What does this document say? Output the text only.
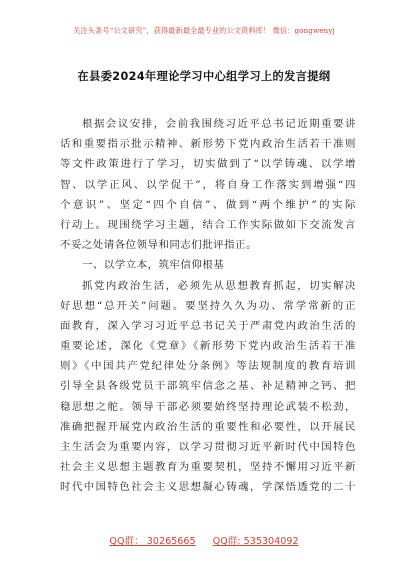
关注头条号“公文研究”，获得最新最全最专业的公文资料库！ 微信：gongwenyj
在县委2024年理论学习中心组学习上的发言提纲
根据会议安排，会前我围绕习近平总书记近期重要讲
话和重要指示批示精神、新形势下党内政治生活若干准则
等文件政策进行了学习，切实做到了“以学铸魂、以学增
智、以学正风、以学促干”，将自身工作落实到增强“四
个意识”、坚定“四个自信”、做到“两个维护”的实际
行动上。现围绕学习主题，结合工作实际做如下交流发言
不妥之处请各位领导和同志们批评指正。
一、以学立本，筑牢信仰根基
抓党内政治生活，必须先从思想教育抓起，切实解决
好思想“总开关”问题。要坚持久久为功、常学常新的正
面教育，深入学习习近平总书记关于严肃党内政治生活的
重要论述，深化《党章》《新形势下党内政治生活若干准
则》《中国共产党纪律处分条例》等法规制度的教育培训
引导全县各级党员干部筑牢信念之基、补足精神之钙、把
稳思想之舵。领导干部必须要始终坚持理论武装不松劲，
准确把握开展党内政治生活的重要性和必要性，以开展民
主生活会为重要内容，以学习贯彻习近平新时代中国特色
社会主义思想主题教育为重要契机，坚持不懈用习近平新
时代中国特色社会主义思想凝心铸魂，学深悟透党的二十
QQ群： 30265665 QQ群: 535304092
